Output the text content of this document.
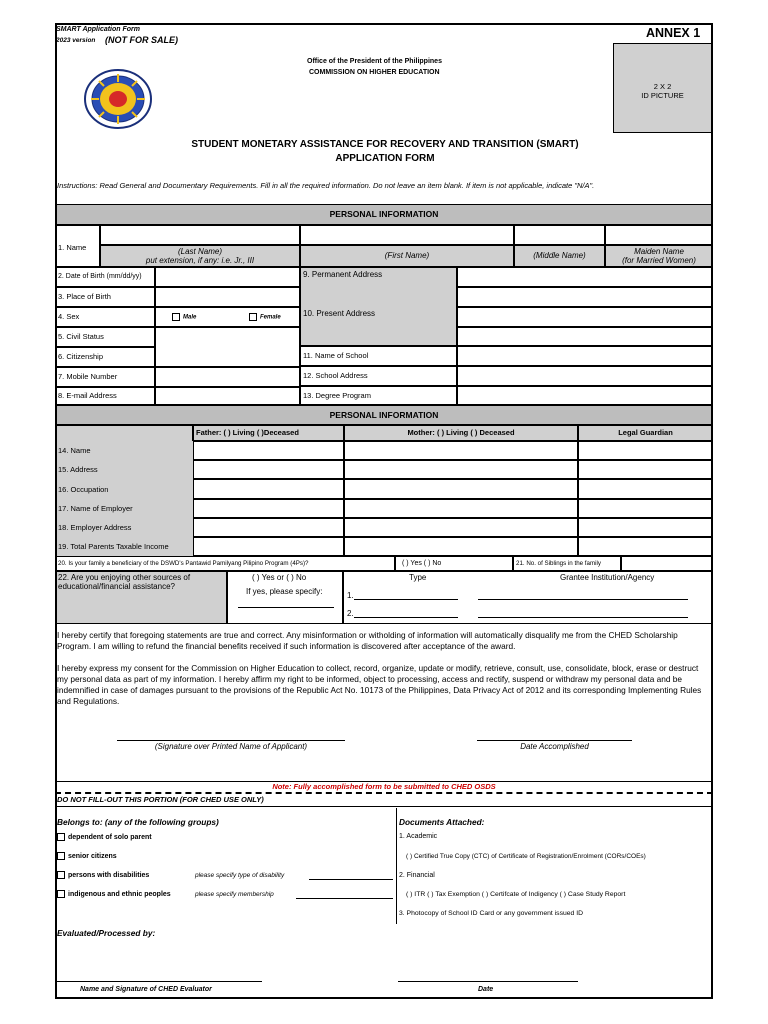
SMART Application Form
2023 version (NOT FOR SALE)	ANNEX 1
Office of the President of the Philippines
COMMISSION ON HIGHER EDUCATION
2 X 2
ID PICTURE
STUDENT MONETARY ASSISTANCE FOR RECOVERY AND TRANSITION (SMART)
APPLICATION FORM
Instructions: Read General and Documentary Requirements. Fill in all the required information. Do not leave an item blank. If item is not applicable, indicate "N/A".
PERSONAL INFORMATION
1. Name	(Last Name)
put extension, if any: i.e. Jr., III
(First Name)	(Middle Name)	Maiden Name
(for Married Women)
2. Date of Birth (mm/dd/yy)
3. Place of Birth
4. Sex	Male	Female
5. Civil Status
6. Citizenship
7. Mobile Number
8. E-mail Address
9. Permanent Address
10. Present Address
11. Name of School
12. School Address
13. Degree Program
PERSONAL INFORMATION
Father: ( ) Living ( )Deceased	Mother: ( ) Living ( ) Deceased	Legal Guardian
14. Name
15. Address
16. Occupation
17. Name of Employer
18. Employer Address
19. Total Parents Taxable Income
20. Is your family a beneficiary of the DSWD's Pantawid Pamilyang Pilipino Program (4Ps)?	( ) Yes ( ) No	21. No. of Siblings in the family
22. Are you enjoying other sources of
educational/financial assistance?
( ) Yes or ( ) No
If yes, please specify:
Type	Grantee Institution/Agency
1.
2.
I hereby certify that foregoing statements are true and correct. Any misinformation or witholding of information will automatically disqualify me from the CHED Scholarship Program. I am willing to refund the financial benefits received if such information is discovered after acceptance of the award.
I hereby express my consent for the Commission on Higher Education to collect, record, organize, update or modify, retrieve, consult, use, consolidate, block, erase or destruct my personal data as part of my information. I hereby affirm my right to be informed, object to processing, access and rectify, suspend or withdraw my personal data and be indemnified in case of damages pursuant to the provisions of the Republic Act No. 10173 of the Philippines, Data Privacy Act of 2012 and its corresponding Implementing Rules and Regulations.
(Signature over Printed Name of Applicant)	Date Accomplished
Note: Fully accomplished form to be submitted to CHED OSDS
DO NOT FILL-OUT THIS PORTION (FOR CHED USE ONLY)
Belongs to: (any of the following groups)
dependent of solo parent
senior citizens
persons with disabilities	please specify type of disability
indigenous and ethnic peoples	please specify membership
Documents Attached:
1. Academic
( ) Certified True Copy (CTC) of Certificate of Registration/Enrolment (CORs/COEs)
2. Financial
( ) ITR ( ) Tax Exemption ( ) Certifcate of Indigency ( ) Case Study Report
3. Photocopy of School ID Card or any government issued ID
Evaluated/Processed by:
Name and Signature of CHED Evaluator	Date
